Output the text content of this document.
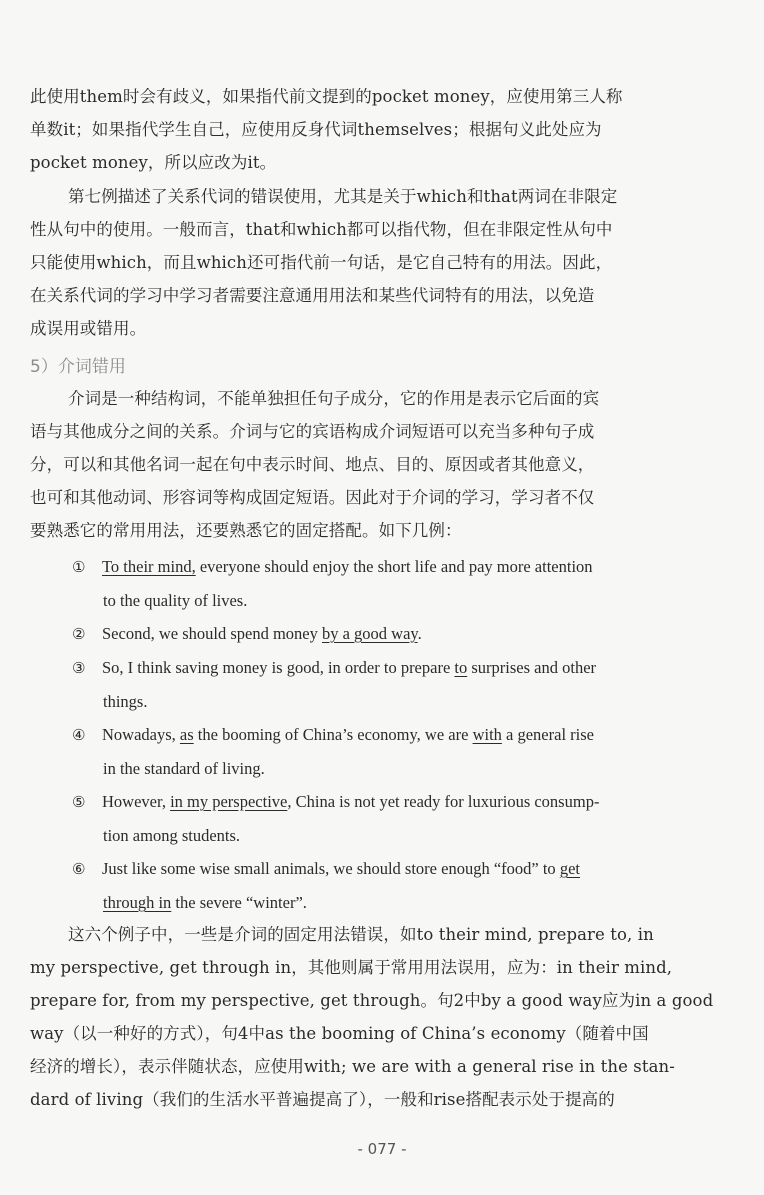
此使用them时会有歧义，如果指代前文提到的pocket money，应使用第三人称
单数it；如果指代学生自己，应使用反身代词themselves；根据句义此处应为
pocket money，所以应改为it。
第七例描述了关系代词的错误使用，尤其是关于which和that两词在非限定
性从句中的使用。一般而言，that和which都可以指代物，但在非限定性从句中
只能使用which，而且which还可指代前一句话，是它自己特有的用法。因此，
在关系代词的学习中学习者需要注意通用用法和某些代词特有的用法，以免造
成误用或错用。
5）介词错用
介词是一种结构词，不能单独担任句子成分，它的作用是表示它后面的宾
语与其他成分之间的关系。介词与它的宾语构成介词短语可以充当多种句子成
分，可以和其他名词一起在句中表示时间、地点、目的、原因或者其他意义，
也可和其他动词、形容词等构成固定短语。因此对于介词的学习，学习者不仅
要熟悉它的常用用法，还要熟悉它的固定搭配。如下几例：
① To their mind, everyone should enjoy the short life and pay more attention
to the quality of lives.
② Second, we should spend money by a good way.
③ So, I think saving money is good, in order to prepare to surprises and other
things.
④ Nowadays, as the booming of China’s economy, we are with a general rise
in the standard of living.
⑤ However, in my perspective, China is not yet ready for luxurious consump-
tion among students.
⑥ Just like some wise small animals, we should store enough “food” to get
through in the severe “winter”.
这六个例子中，一些是介词的固定用法错误，如to their mind, prepare to, in
my perspective, get through in，其他则属于常用用法误用，应为：in their mind,
prepare for, from my perspective, get through。句2中by a good way应为in a good
way（以一种好的方式），句4中as the booming of China’s economy（随着中国
经济的增长），表示伴随状态，应使用with; we are with a general rise in the stan-
dard of living（我们的生活水平普遍提高了），一般和rise搭配表示处于提高的
- 077 -
